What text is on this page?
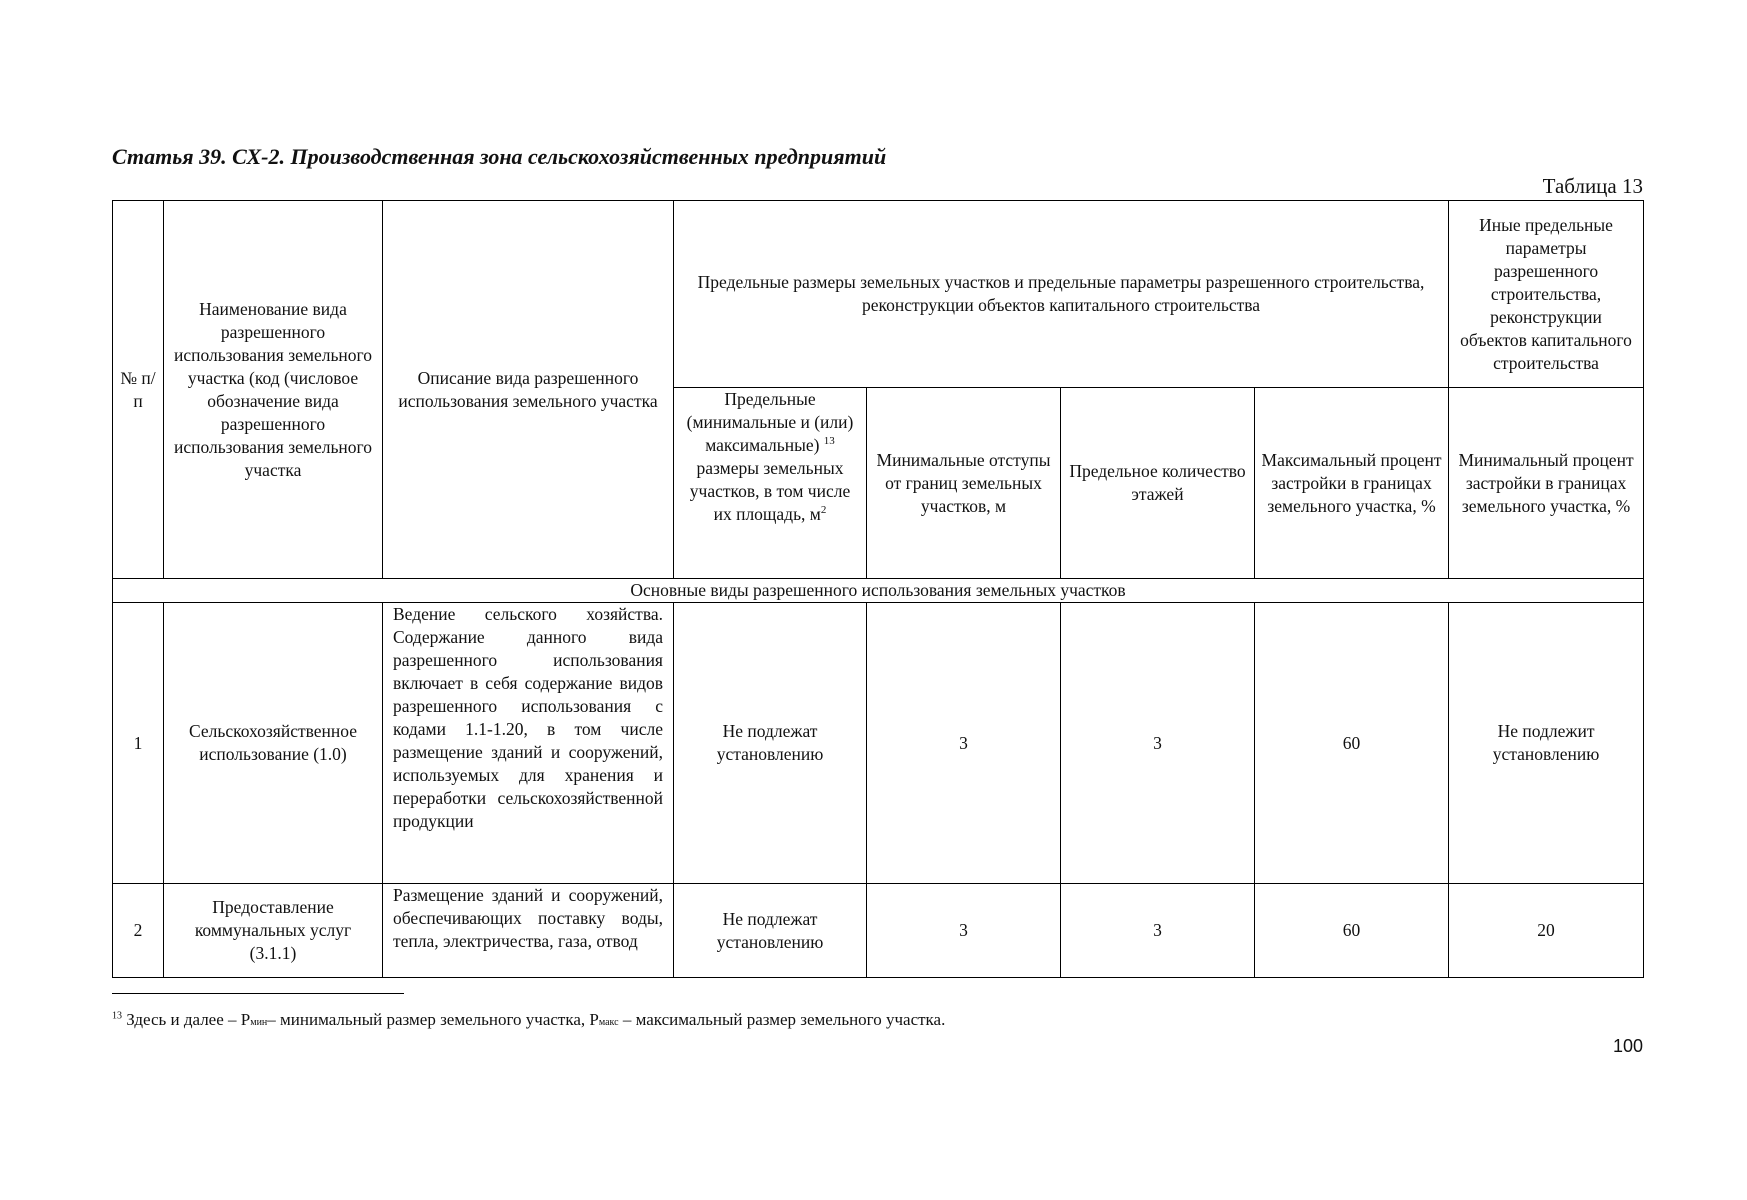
Статья 39. СХ-2. Производственная зона сельскохозяйственных предприятий
Таблица 13
№ п/п	Наименование вида разрешенного использования земельного участка (код (числовое обозначение вида разрешенного использования земельного участка	Описание вида разрешенного использования земельного участка	Предельные размеры земельных участков и предельные параметры разрешенного строительства, реконструкции объектов капитального строительства				Иные предельные параметры разрешенного строительства, реконструкции объектов капитального строительства
			Предельные (минимальные и (или) максимальные) $^{13}$ размеры земельных участков, в том числе их площадь, $м^2$	Минимальные отступы от границ земельных участков, м	Предельное количество этажей	Максимальный процент застройки в границах земельного участка, %	Минимальный процент застройки в границах земельного участка, %
Основные виды разрешенного использования земельных участков							
1	Сельскохозяйственное использование (1.0)	Ведение сельского хозяйства. Содержание данного вида разрешенного использования включает в себя содержание видов разрешенного использования с кодами 1.1-1.20, в том числе размещение зданий и сооружений, используемых для хранения и переработки сельскохозяйственной продукции	Не подлежат установлению	3	3	60	Не подлежит установлению
2	Предоставление коммунальных услуг (3.1.1)	Размещение зданий и сооружений, обеспечивающих поставку воды, тепла, электричества, газа, отвод	Не подлежат установлению	3	3	60	20
$^{13}$ Здесь и далее – Pмин– минимальный размер земельного участка, Pмакс – максимальный размер земельного участка.
100
